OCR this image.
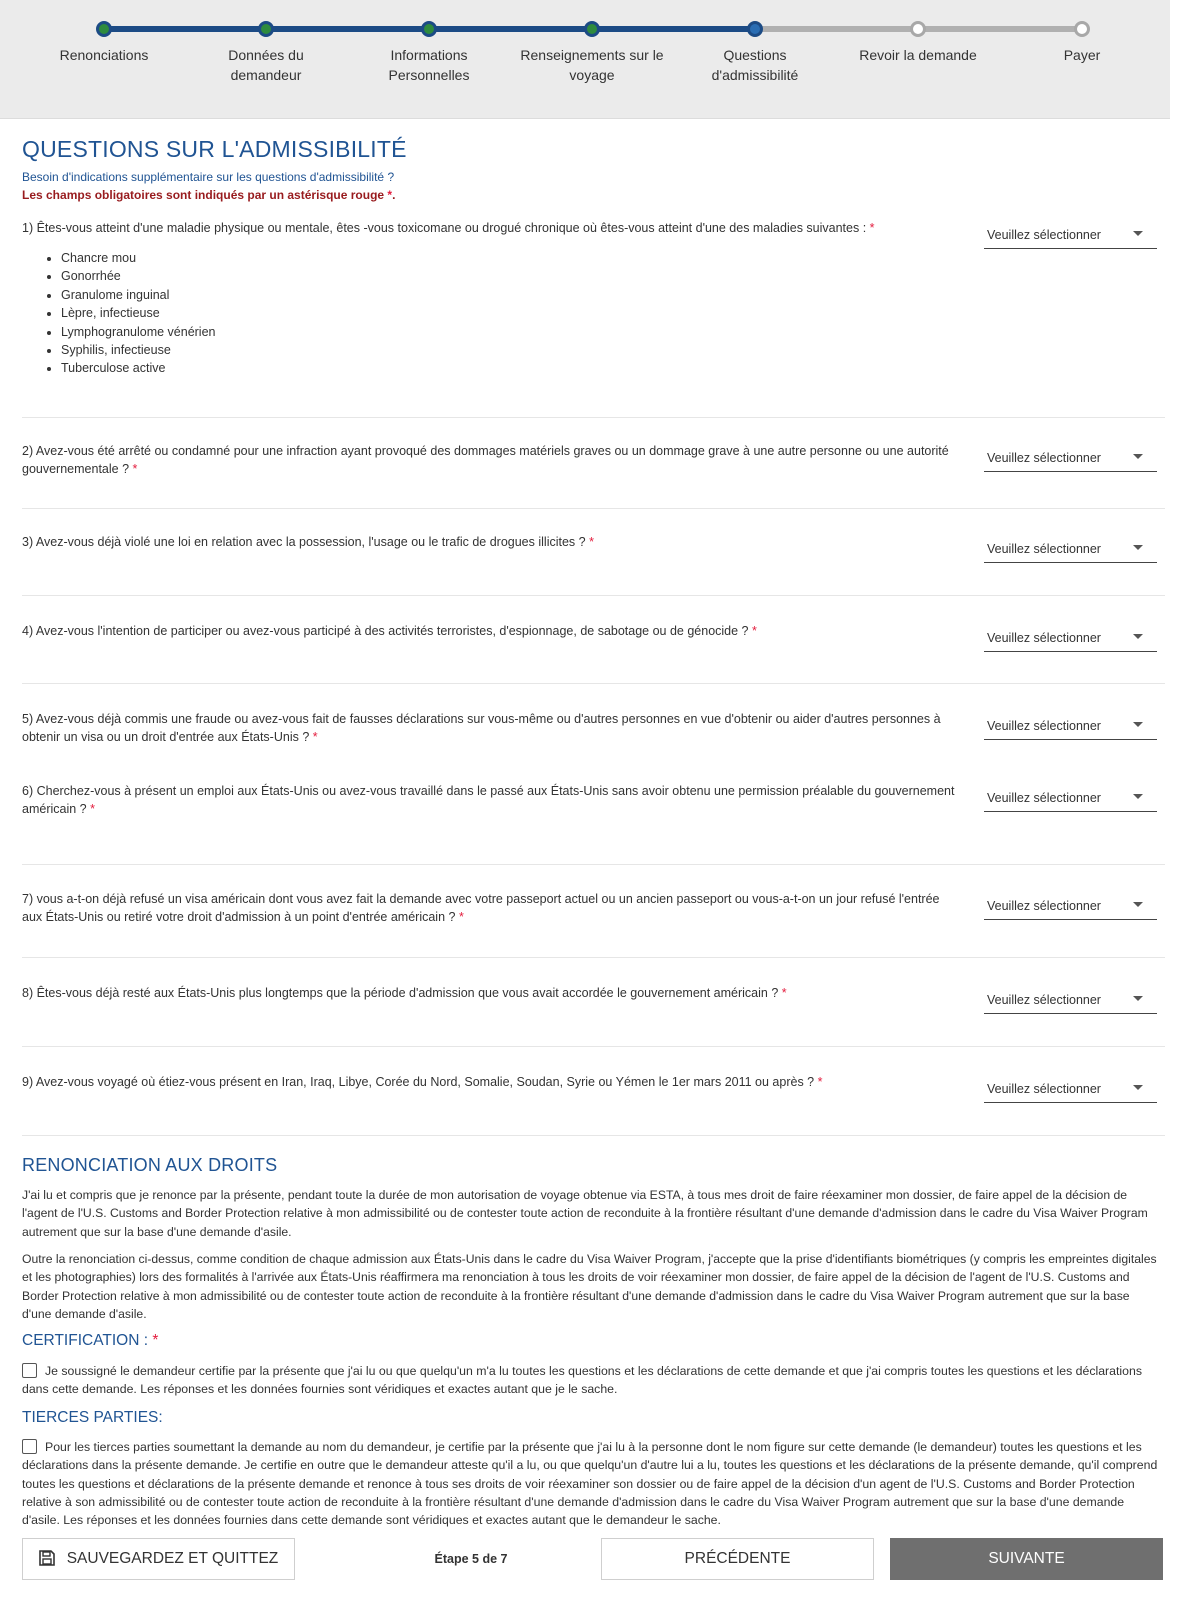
Renonciations	Données du demandeur
Informations Personnelles
Renseignements sur le voyage
Questions d'admissibilité
Revoir la demande	Payer
QUESTIONS SUR L'ADMISSIBILITÉ
Besoin d'indications supplémentaire sur les questions d'admissibilité ?
Les champs obligatoires sont indiqués par un astérisque rouge *.
1) Êtes-vous atteint d'une maladie physique ou mentale, êtes -vous toxicomane ou drogué chronique où êtes-vous atteint d'une des maladies suivantes : *
• Chancre mou
• Gonorrhée
• Granulome inguinal
• Lèpre, infectieuse
• Lymphogranulome vénérien
• Syphilis, infectieuse
• Tuberculose active
Veuillez sélectionner
2) Avez-vous été arrêté ou condamné pour une infraction ayant provoqué des dommages matériels graves ou un dommage grave à une autre personne ou une autorité gouvernementale ? *
Veuillez sélectionner
3) Avez-vous déjà violé une loi en relation avec la possession, l'usage ou le trafic de drogues illicites ? *	Veuillez sélectionner
4) Avez-vous l'intention de participer ou avez-vous participé à des activités terroristes, d'espionnage, de sabotage ou de génocide ? *	Veuillez sélectionner
5) Avez-vous déjà commis une fraude ou avez-vous fait de fausses déclarations sur vous-même ou d'autres personnes en vue d'obtenir ou aider d'autres personnes à obtenir un visa ou un droit d'entrée aux États-Unis ? *
Veuillez sélectionner
6) Cherchez-vous à présent un emploi aux États-Unis ou avez-vous travaillé dans le passé aux États-Unis sans avoir obtenu une permission préalable du gouvernement américain ? *
Veuillez sélectionner
7) vous a-t-on déjà refusé un visa américain dont vous avez fait la demande avec votre passeport actuel ou un ancien passeport ou vous-a-t-on un jour refusé l'entrée aux États-Unis ou retiré votre droit d'admission à un point d'entrée américain ? *
Veuillez sélectionner
8) Êtes-vous déjà resté aux États-Unis plus longtemps que la période d'admission que vous avait accordée le gouvernement américain ? *	Veuillez sélectionner
9) Avez-vous voyagé où étiez-vous présent en Iran, Iraq, Libye, Corée du Nord, Somalie, Soudan, Syrie ou Yémen le 1er mars 2011 ou après ? *	Veuillez sélectionner
RENONCIATION AUX DROITS

J'ai lu et compris que je renonce par la présente, pendant toute la durée de mon autorisation de voyage obtenue via ESTA, à tous mes droit de faire réexaminer mon dossier, de faire appel de la décision de l'agent de l'U.S. Customs and Border Protection relative à mon admissibilité ou de contester toute action de reconduite à la frontière résultant d'une demande d'admission dans le cadre du Visa Waiver Program autrement que sur la base d'une demande d'asile.

Outre la renonciation ci-dessus, comme condition de chaque admission aux États-Unis dans le cadre du Visa Waiver Program, j'accepte que la prise d'identifiants biométriques (y compris les empreintes digitales et les photographies) lors des formalités à l'arrivée aux États-Unis réaffirmera ma renonciation à tous les droits de voir réexaminer mon dossier, de faire appel de la décision de l'agent de l'U.S. Customs and Border Protection relative à mon admissibilité ou de contester toute action de reconduite à la frontière résultant d'une demande d'admission dans le cadre du Visa Waiver Program autrement que sur la base d'une demande d'asile.

CERTIFICATION : *
Je soussigné le demandeur certifie par la présente que j'ai lu ou que quelqu'un m'a lu toutes les questions et les déclarations de cette demande et que j'ai compris toutes les questions et les déclarations dans cette demande. Les réponses et les données fournies sont véridiques et exactes autant que je le sache.
TIERCES PARTIES:
Pour les tierces parties soumettant la demande au nom du demandeur, je certifie par la présente que j'ai lu à la personne dont le nom figure sur cette demande (le demandeur) toutes les questions et les déclarations dans la présente demande. Je certifie en outre que le demandeur atteste qu'il a lu, ou que quelqu'un d'autre lui a lu, toutes les questions et les déclarations de la présente demande, qu'il comprend toutes les questions et déclarations de la présente demande et renonce à tous ses droits de voir réexaminer son dossier ou de faire appel de la décision d'un agent de l'U.S. Customs and Border Protection relative à son admissibilité ou de contester toute action de reconduite à la frontière résultant d'une demande d'admission dans le cadre du Visa Waiver Program autrement que sur la base d'une demande d'asile. Les réponses et les données fournies dans cette demande sont véridiques et exactes autant que le demandeur le sache.
SAUVEGARDEZ ET QUITTEZ	Étape 5 de 7	PRÉCÉDENTE	SUIVANTE
